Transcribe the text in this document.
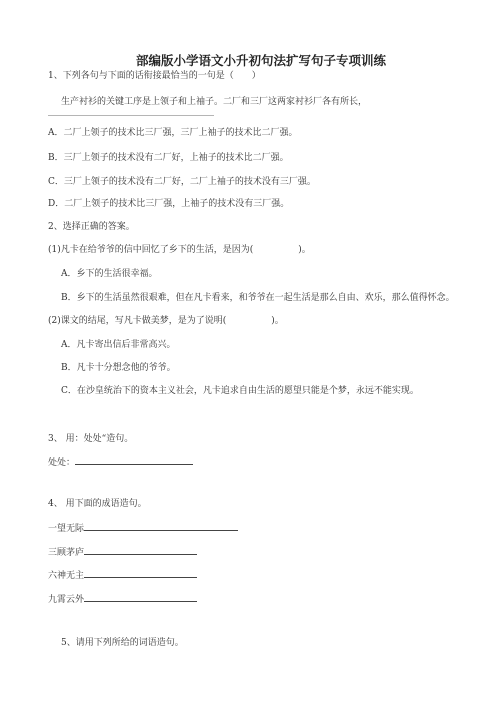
部编版小学语文小升初句法扩写句子专项训练
1、下列各句与下面的话衔接最恰当的一句是（　　）
生产衬衫的关键工序是上领子和上袖子。二厂和三厂这两家衬衫厂各有所长，
A．二厂上领子的技术比三厂强，三厂上袖子的技术比二厂强。
B．三厂上领子的技术没有二厂好，上袖子的技术比二厂强。
C．三厂上领子的技术没有二厂好，二厂上袖子的技术没有三厂强。
D．二厂上领子的技术比三厂强，上袖子的技术没有三厂强。
2、选择正确的答案。
(1)凡卡在给爷爷的信中回忆了乡下的生活，是因为(　　　　　)。
A．乡下的生活很幸福。
B．乡下的生活虽然很艰难，但在凡卡看来，和爷爷在一起生活是那么自由、欢乐，那么值得怀念。
(2)课文的结尾，写凡卡做美梦，是为了说明(　　　　　)。
A．凡卡寄出信后非常高兴。
B．凡卡十分想念他的爷爷。
C．在沙皇统治下的资本主义社会，凡卡追求自由生活的愿望只能是个梦，永远不能实现。
3、 用：处处“造句。
处处：
4、 用下面的成语造句。
一望无际
三顾茅庐
六神无主
九霄云外
5、请用下列所给的词语造句。
